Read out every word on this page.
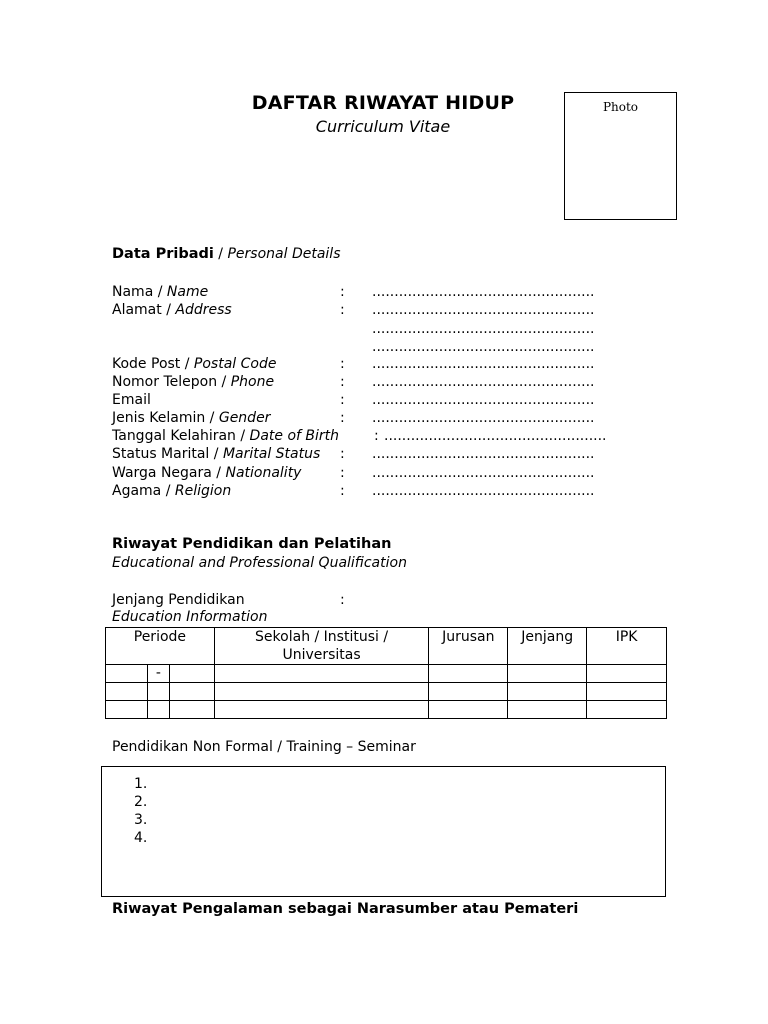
DAFTAR RIWAYAT HIDUP
Curriculum Vitae
Photo
Data Pribadi / Personal Details
Nama / Name	: ..................................................
Alamat / Address	: ..................................................
..................................................
..................................................
Kode Post / Postal Code	: ..................................................
Nomor Telepon / Phone	: ..................................................
Email	: ..................................................
Jenis Kelamin / Gender	: ..................................................
Tanggal Kelahiran / Date of Birth : ..................................................
Status Marital / Marital Status : ..................................................
Warga Negara / Nationality	: ..................................................
Agama / Religion	: ..................................................
Riwayat Pendidikan dan Pelatihan
Educational and Professional Qualification
Jenjang Pendidikan	:
Education Information
Periode			Sekolah / Institusi / Universitas	Jurusan	Jenjang	IPK
	-					

Pendidikan Non Formal / Training – Seminar
1.
2.
3.
4.
Riwayat Pengalaman sebagai Narasumber atau Pemateri
